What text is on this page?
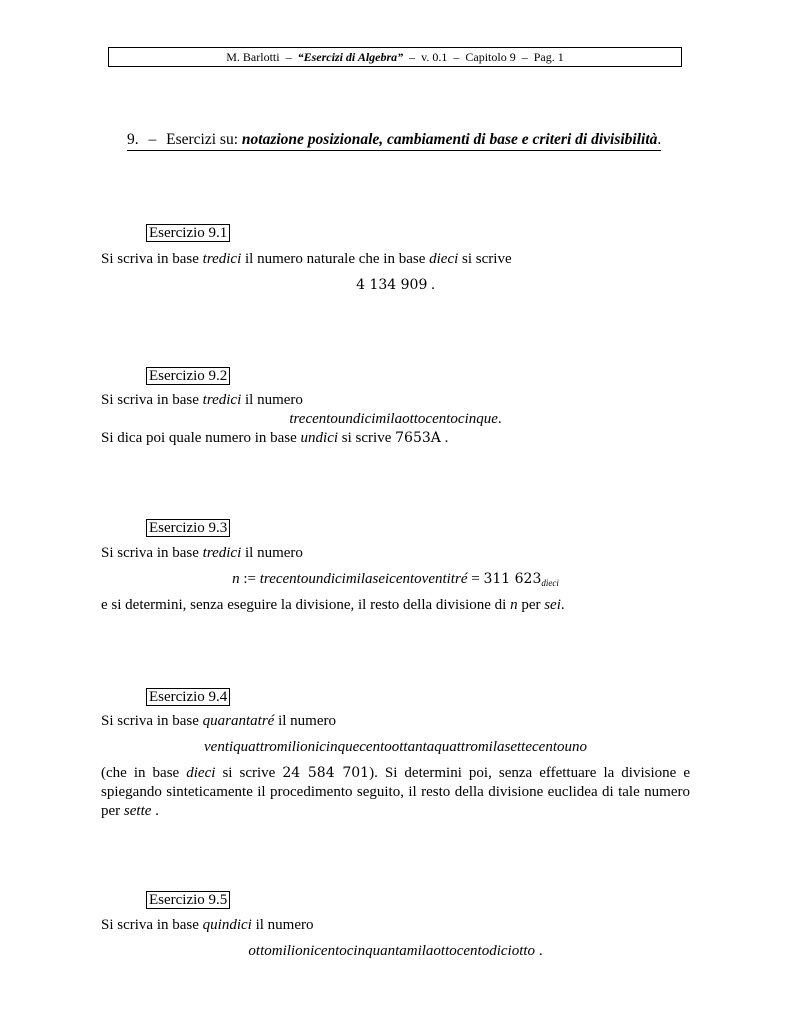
M. Barlotti – “Esercizi di Algebra” – v. 0.1 – Capitolo 9 – Pag. 1
9. – Esercizi su: notazione posizionale, cambiamenti di base e criteri di divisibilità.
Esercizio 9.1
Si scriva in base tredici il numero naturale che in base dieci si scrive
4 134 909 .
Esercizio 9.2
Si scriva in base tredici il numero
trecentoundicimilaottocentocinque.
Si dica poi quale numero in base undici si scrive 7653A .
Esercizio 9.3
Si scriva in base tredici il numero
n := trecentoundicimilaseicentoventitré = 311 $623_{dieci}$
e si determini, senza eseguire la divisione, il resto della divisione di n per sei.
Esercizio 9.4
Si scriva in base quarantatré il numero
ventiquattromilionicinquecentoottantaquattromilasettecentouno
(che in base dieci si scrive 24 584 701). Si determini poi, senza effettuare la divisione e spiegando sinteticamente il procedimento seguito, il resto della divisione euclidea di tale numero per sette .
Esercizio 9.5
Si scriva in base quindici il numero
ottomilionicentocinquantamilaottocentodiciotto .
